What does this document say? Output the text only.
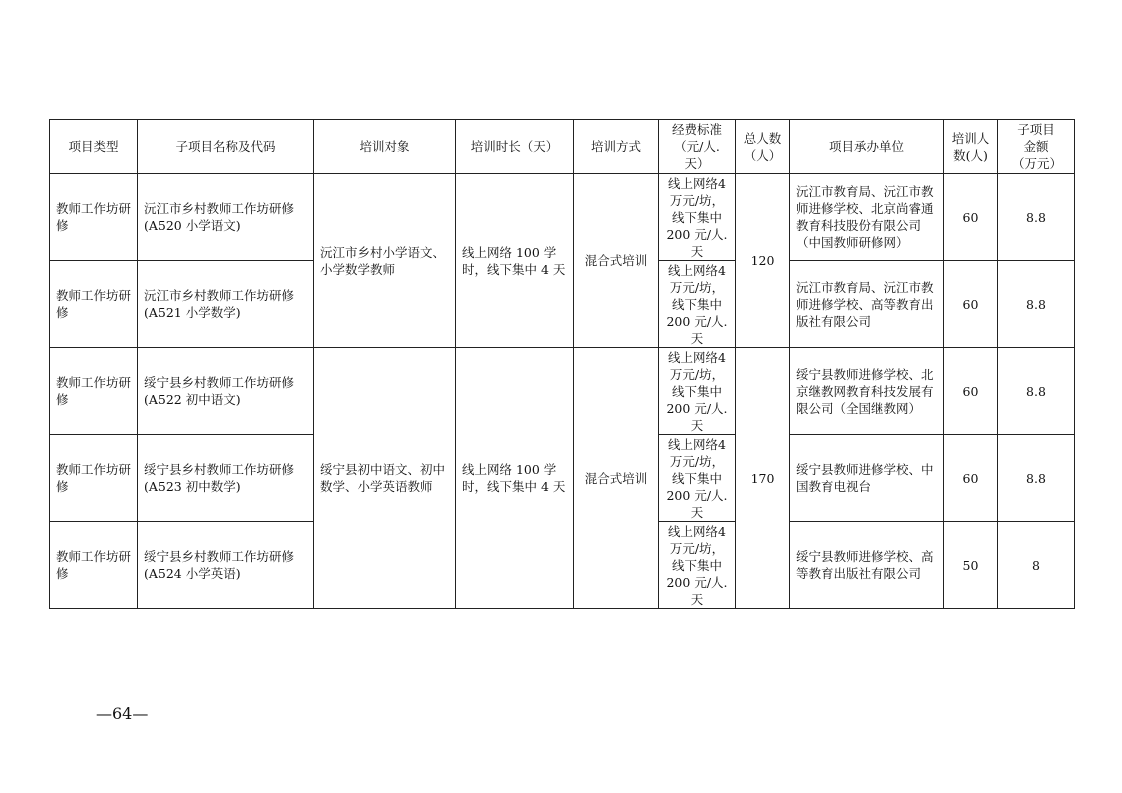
项目类型	子项目名称及代码	培训对象	培训时长（天）	培训方式	经费标准（元/人.天）	总人数（人）	项目承办单位	培训人数(人)	子项目金额（万元）
教师工作坊研修	沅江市乡村教师工作坊研修(A520 小学语文)	沅江市乡村小学语文、小学数学教师	线上网络 100 学时，线下集中 4 天	混合式培训	线上网络4万元/坊，线下集中200 元/人.天	120	沅江市教育局、沅江市教师进修学校、北京尚睿通教育科技股份有限公司（中国教师研修网）	60	8.8
教师工作坊研修	沅江市乡村教师工作坊研修(A521 小学数学)				线上网络4万元/坊，线下集中200 元/人.天		沅江市教育局、沅江市教师进修学校、高等教育出版社有限公司	60	8.8
教师工作坊研修	绥宁县乡村教师工作坊研修(A522 初中语文)	绥宁县初中语文、初中数学、小学英语教师	线上网络 100 学时，线下集中 4 天	混合式培训	线上网络4万元/坊，线下集中200 元/人.天	170	绥宁县教师进修学校、北京继教网教育科技发展有限公司（全国继教网）	60	8.8
教师工作坊研修	绥宁县乡村教师工作坊研修(A523 初中数学)				线上网络4万元/坊，线下集中200 元/人.天		绥宁县教师进修学校、中国教育电视台	60	8.8
教师工作坊研修	绥宁县乡村教师工作坊研修(A524 小学英语)				线上网络4万元/坊，线下集中200 元/人.天		绥宁县教师进修学校、高等教育出版社有限公司	50	8
—64—
